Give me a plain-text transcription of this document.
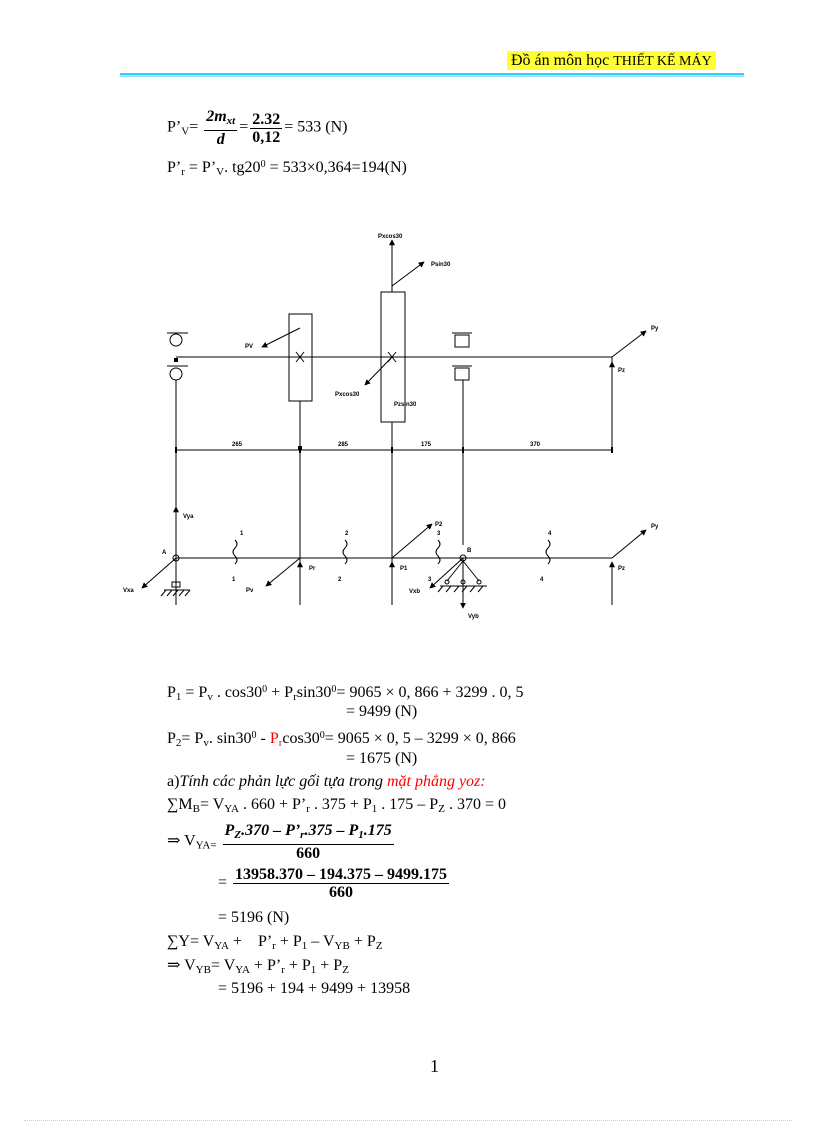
Đồ án môn học THIẾT KẾ MÁY
$P’_V= \frac{2m_{xt}}{d} = \frac{2.32}{0,12} = 533$ (N)
$P’_r$ = $P’_V$. $tg20^0 = 533\times 0,364=194(N)$
Pxcos30
Psin30
PV
Py
Pz
Pxcos30
Pzsin30
265	285	175	370
Vya
A
Vxa	Pv
Pr	P1
P2
B
Vxb
Vyb
Py
Pz
1
1
2
2
3
3
4
4
$P_1 = P_v$ . $\cos 30^0 + P_r\sin 30^0= 9065 \times 0$, 866 + 3299 . 0, 5
= 9499 (N)
$P_2= P_v$. $\sin 30^0 - P_r\cos 30^0= 9065 \times 0$, 5 – 3299 × 0, 866
= 1675 (N)
a)Tính các phản lực gối tựa trong mặt phẳng yoz:
$\sum M_B= V_{YA}$ . $660 + P’_r$ . $375 + P_1$ . $175 - P_Z$ . 370 = 0
⇒ $V_{YA=} \frac{P_Z.370 - P’_r.375 - P_1.175}{660}$
= $\frac{13958.370 - 194.375 - 9499.175}{660}$
= 5196 (N)
$\sum Y= V_{YA}$ +    $P’_r + P_1 - V_{YB} + P_Z$
⇒ $V_{YB}= V_{YA}$ + $P’_r + P_1 + P_Z$
= 5196 + 194 + 9499 + 13958
1
